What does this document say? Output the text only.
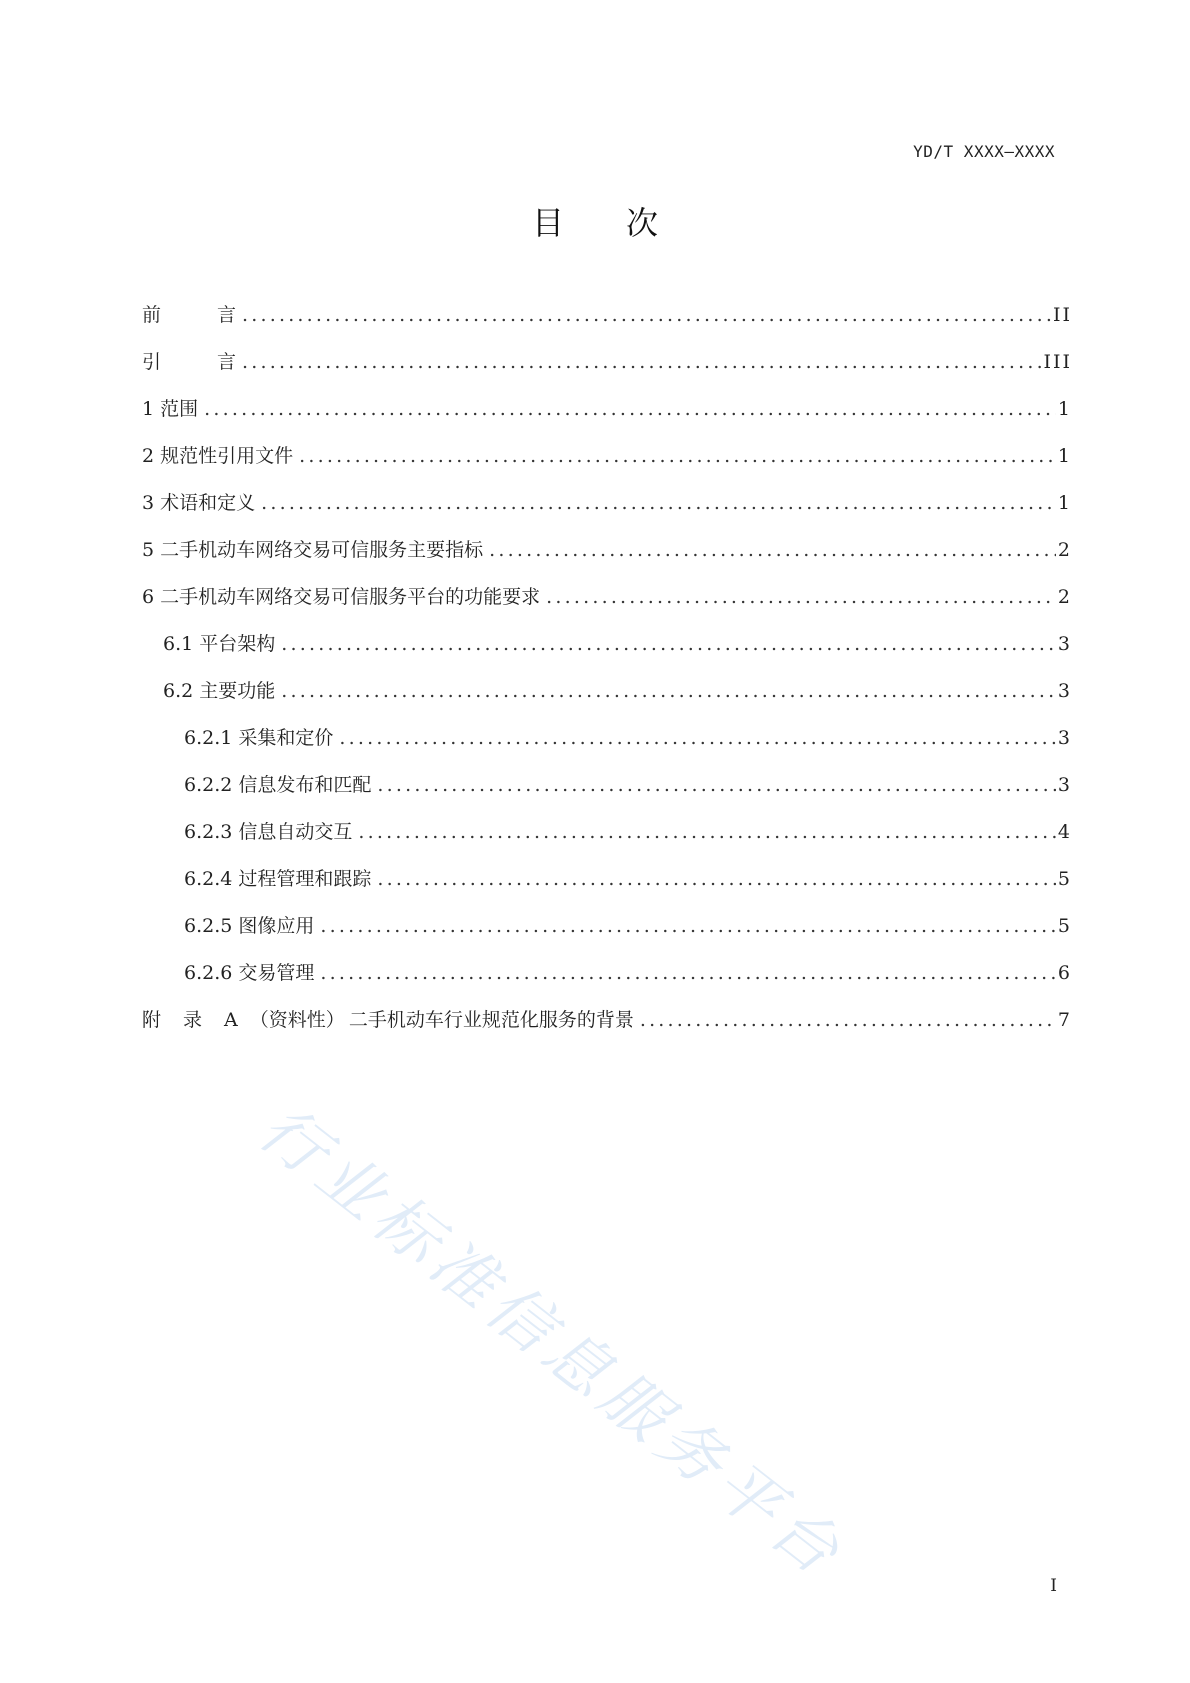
YD/T XXXX—XXXX
目次
前言 .....	II
引言 .....	III
1 范围 .....	1
2 规范性引用文件 .....	1
3 术语和定义 .....	1
5 二手机动车网络交易可信服务主要指标 .....	2
6 二手机动车网络交易可信服务平台的功能要求 .....	2
6.1 平台架构 .....	3
6.2 主要功能 .....	3
6.2.1 采集和定价 .....	3
6.2.2 信息发布和匹配 .....	3
6.2.3 信息自动交互 .....	4
6.2.4 过程管理和跟踪 .....	5
6.2.5 图像应用 .....	5
6.2.6 交易管理 .....	6
附录A （资料性） 二手机动车行业规范化服务的背景 .....	7
行业标准信息服务平台	I
